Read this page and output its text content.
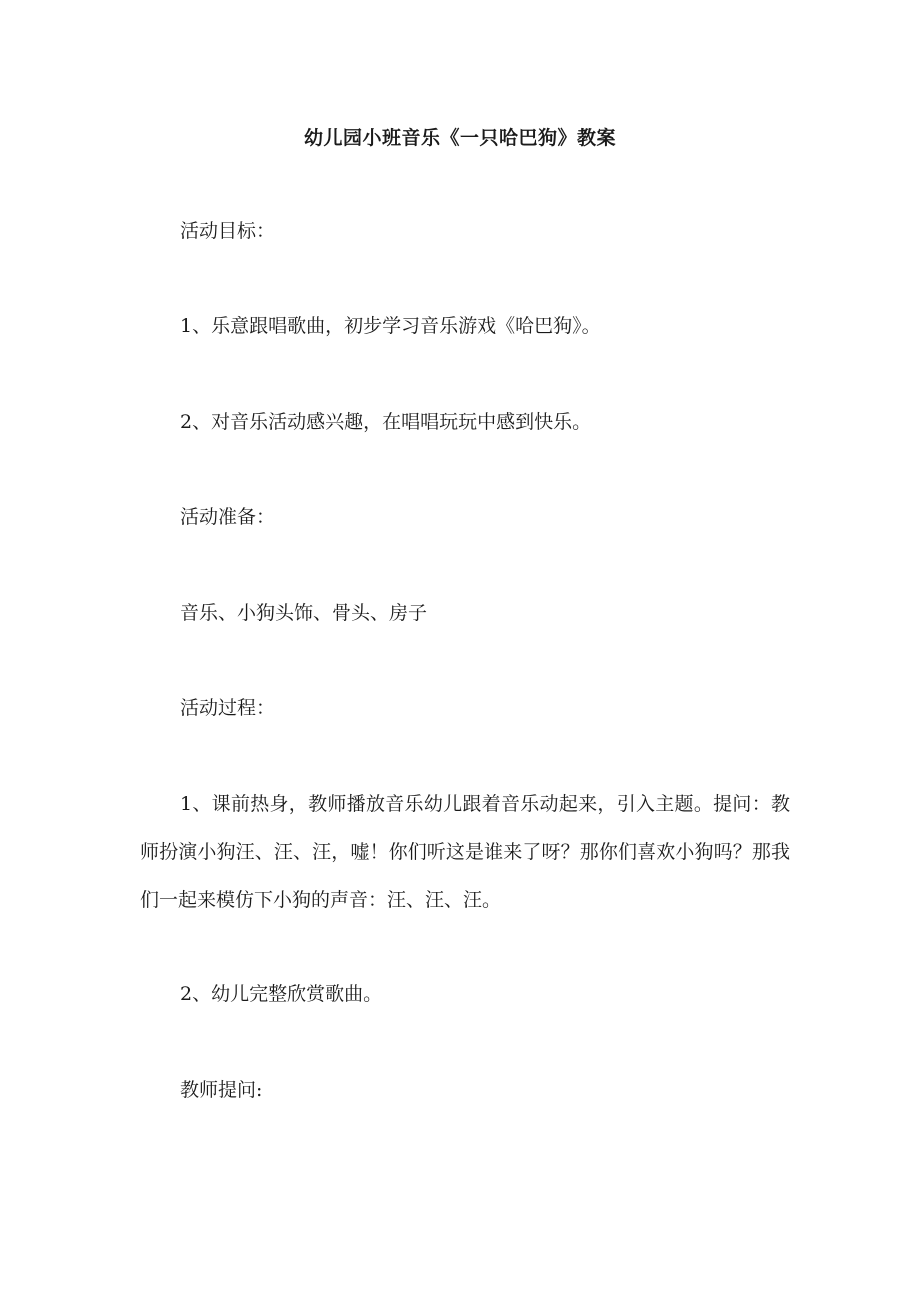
幼儿园小班音乐《一只哈巴狗》教案

活动目标：

1、乐意跟唱歌曲，初步学习音乐游戏《哈巴狗》。

2、对音乐活动感兴趣，在唱唱玩玩中感到快乐。

活动准备：

音乐、小狗头饰、骨头、房子

活动过程：

1、课前热身，教师播放音乐幼儿跟着音乐动起来，引入主题。提问：教师扮演小狗汪、汪、汪，嘘！你们听这是谁来了呀？那你们喜欢小狗吗？那我们一起来模仿下小狗的声音：汪、汪、汪。

2、幼儿完整欣赏歌曲。

教师提问:
